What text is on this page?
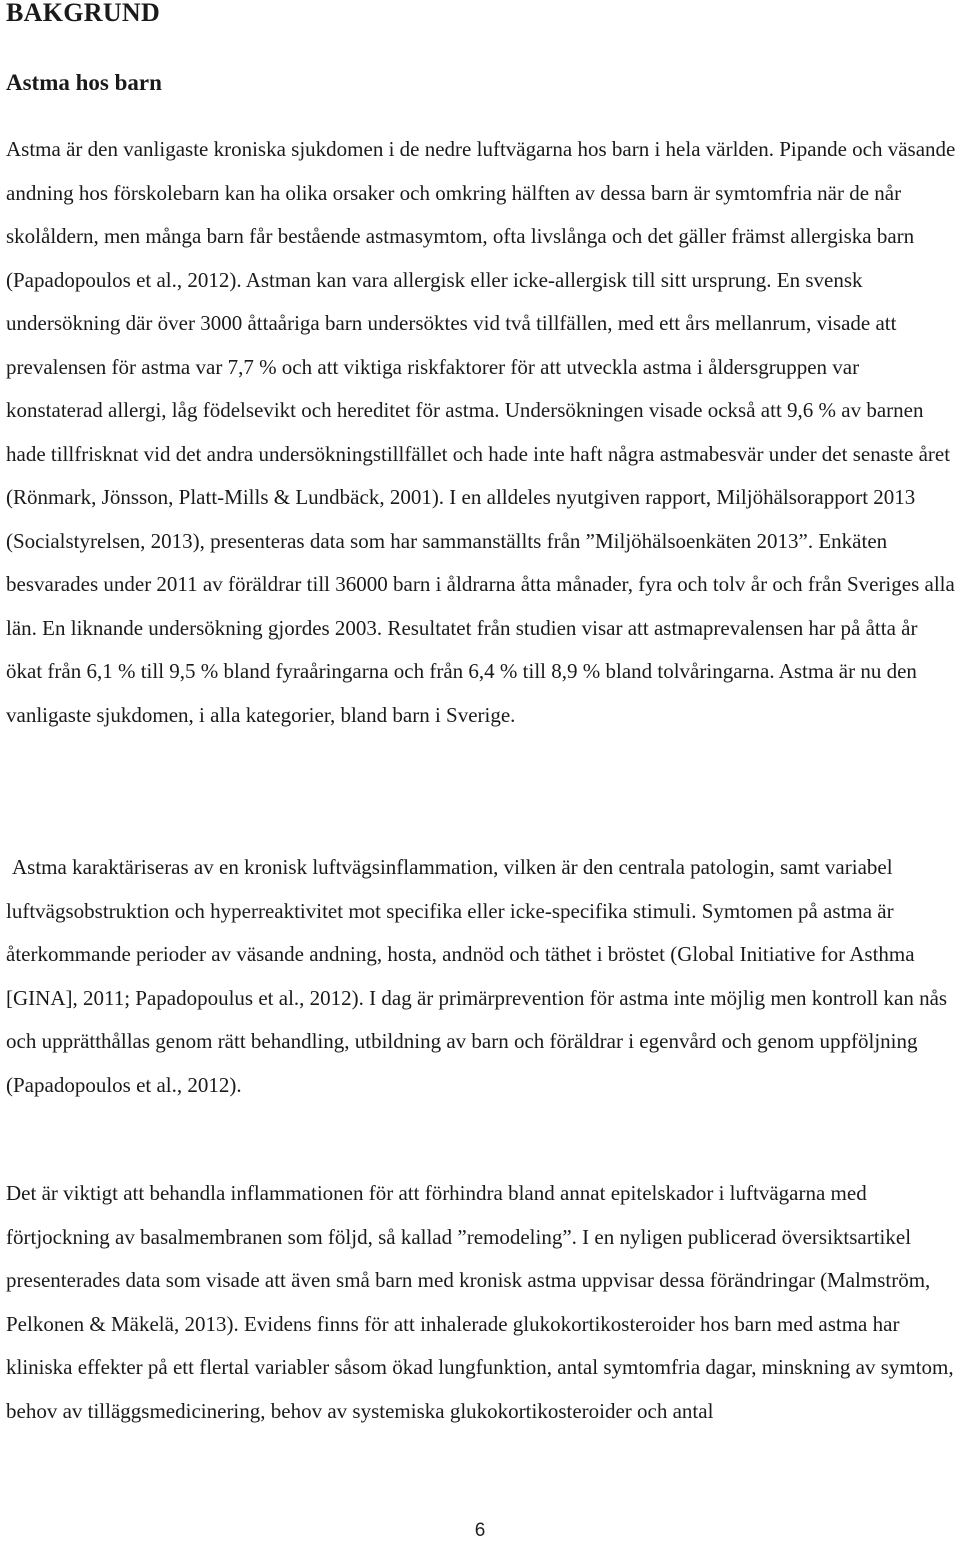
BAKGRUND
Astma hos barn

Astma är den vanligaste kroniska sjukdomen i de nedre luftvägarna hos barn i hela världen. Pipande och väsande andning hos förskolebarn kan ha olika orsaker och omkring hälften av dessa barn är symtomfria när de når skolåldern, men många barn får bestående astmasymtom, ofta livslånga och det gäller främst allergiska barn (Papadopoulos et al., 2012). Astman kan vara allergisk eller icke-allergisk till sitt ursprung. En svensk undersökning där över 3000 åttaåriga barn undersöktes vid två tillfällen, med ett års mellanrum, visade att prevalensen för astma var 7,7 % och att viktiga riskfaktorer för att utveckla astma i åldersgruppen var konstaterad allergi, låg födelsevikt och hereditet för astma. Undersökningen visade också att 9,6 % av barnen hade tillfrisknat vid det andra undersökningstillfället och hade inte haft några astmabesvär under det senaste året (Rönmark, Jönsson, Platt-Mills & Lundbäck, 2001). I en alldeles nyutgiven rapport, Miljöhälsorapport 2013 (Socialstyrelsen, 2013), presenteras data som har sammanställts från ”Miljöhälsoenkäten 2013”. Enkäten besvarades under 2011 av föräldrar till 36000 barn i åldrarna åtta månader, fyra och tolv år och från Sveriges alla län. En liknande undersökning gjordes 2003. Resultatet från studien visar att astmaprevalensen har på åtta år ökat från 6,1 % till 9,5 % bland fyraåringarna och från 6,4 % till 8,9 % bland tolvåringarna. Astma är nu den vanligaste sjukdomen, i alla kategorier, bland barn i Sverige.

Astma karaktäriseras av en kronisk luftvägsinflammation, vilken är den centrala patologin, samt variabel luftvägsobstruktion och hyperreaktivitet mot specifika eller icke-specifika stimuli. Symtomen på astma är återkommande perioder av väsande andning, hosta, andnöd och täthet i bröstet (Global Initiative for Asthma [GINA], 2011; Papadopoulus et al., 2012). I dag är primärprevention för astma inte möjlig men kontroll kan nås och upprätthållas genom rätt behandling, utbildning av barn och föräldrar i egenvård och genom uppföljning (Papadopoulos et al., 2012).

Det är viktigt att behandla inflammationen för att förhindra bland annat epitelskador i luftvägarna med förtjockning av basalmembranen som följd, så kallad ”remodeling”. I en nyligen publicerad översiktsartikel presenterades data som visade att även små barn med kronisk astma uppvisar dessa förändringar (Malmström, Pelkonen & Mäkelä, 2013). Evidens finns för att inhalerade glukokortikosteroider hos barn med astma har kliniska effekter på ett flertal variabler såsom ökad lungfunktion, antal symtomfria dagar, minskning av symtom, behov av tilläggsmedicinering, behov av systemiska glukokortikosteroider och antal

6
